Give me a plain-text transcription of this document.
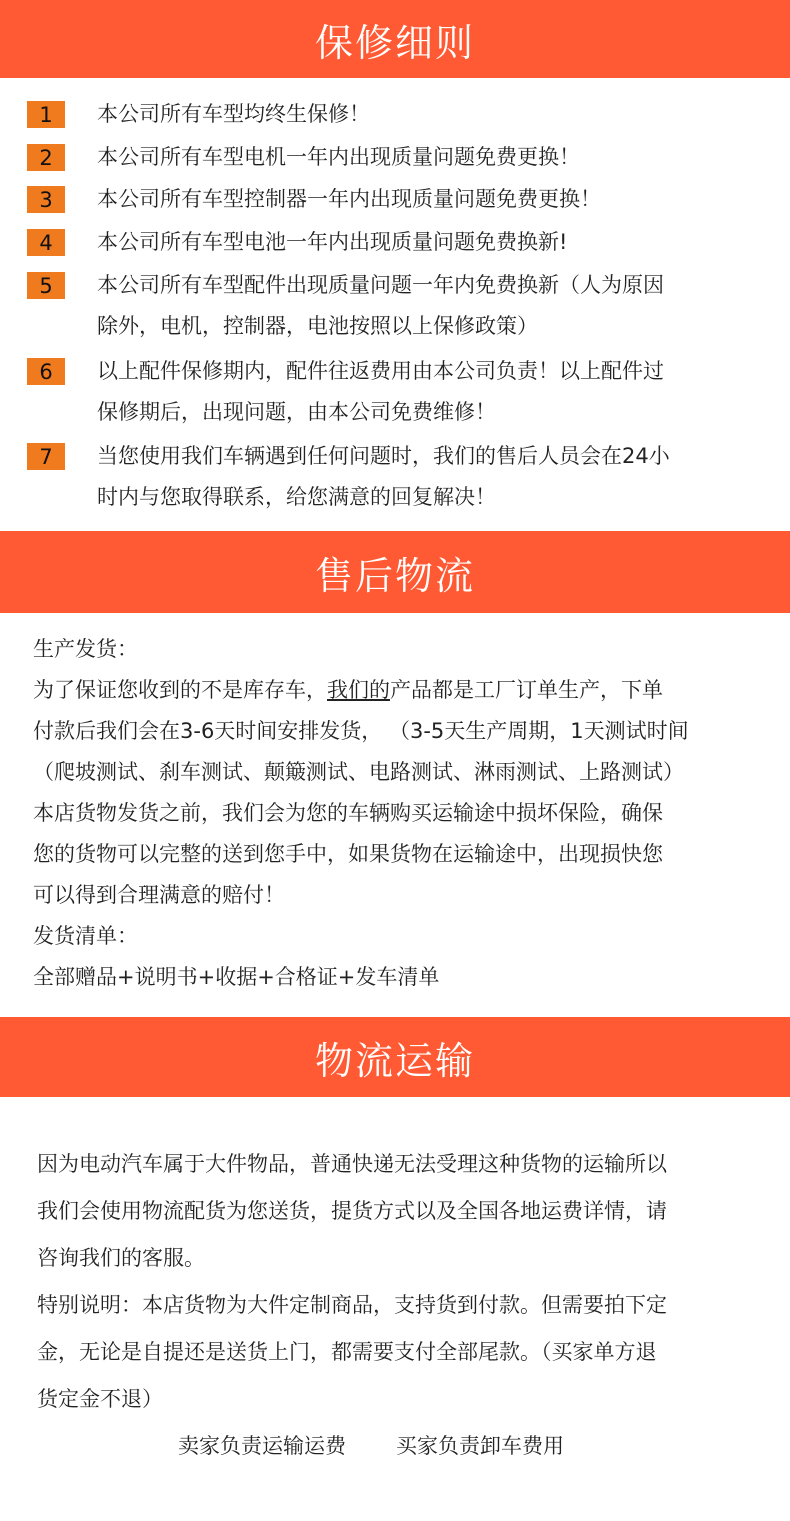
保修细则
1	本公司所有车型均终生保修！
2	本公司所有车型电机一年内出现质量问题免费更换！
3	本公司所有车型控制器一年内出现质量问题免费更换！
4	本公司所有车型电池一年内出现质量问题免费换新!
5	本公司所有车型配件出现质量问题一年内免费换新（人为原因
除外，电机，控制器，电池按照以上保修政策）
6	以上配件保修期内，配件往返费用由本公司负责！以上配件过
保修期后，出现问题，由本公司免费维修！
7	当您使用我们车辆遇到任何问题时，我们的售后人员会在24小
时内与您取得联系，给您满意的回复解决！
售后物流
生产发货：
为了保证您收到的不是库存车，我们的产品都是工厂订单生产，下单
付款后我们会在3-6天时间安排发货， （3-5天生产周期，1天测试时间
（爬坡测试、刹车测试、颠簸测试、电路测试、淋雨测试、上路测试）
本店货物发货之前，我们会为您的车辆购买运输途中损坏保险，确保
您的货物可以完整的送到您手中，如果货物在运输途中，出现损快您
可以得到合理满意的赔付！
发货清单：
全部赠品+说明书+收据+合格证+发车清单
物流运输
因为电动汽车属于大件物品，普通快递无法受理这种货物的运输所以
我们会使用物流配货为您送货，提货方式以及全国各地运费详情，请
咨询我们的客服。
特别说明：本店货物为大件定制商品，支持货到付款。但需要拍下定
金，无论是自提还是送货上门，都需要支付全部尾款。（买家单方退
货定金不退）
卖家负责运输运费 买家负责卸车费用
